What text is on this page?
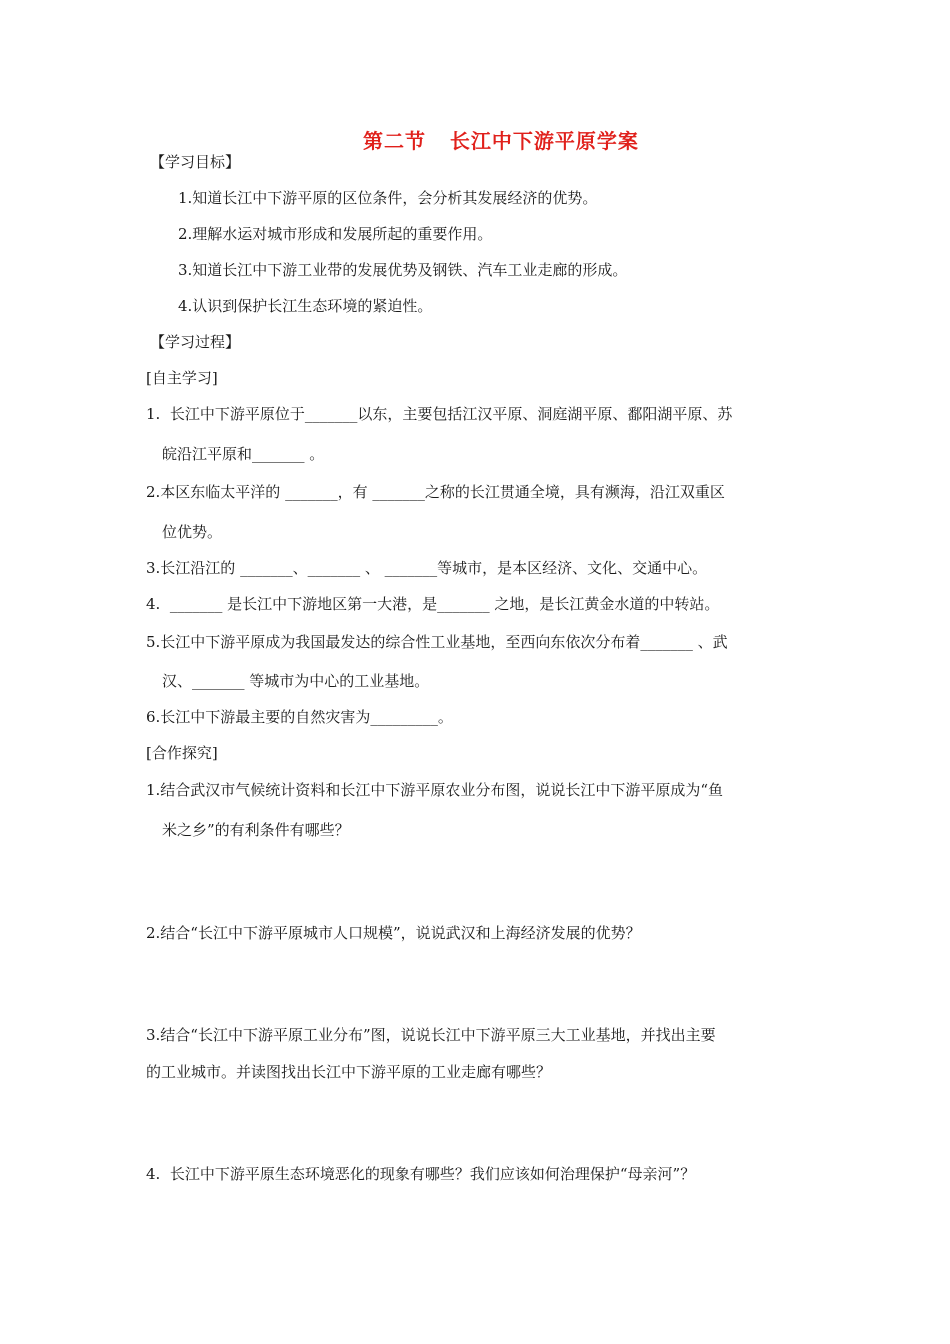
第二节   长江中下游平原学案
【学习目标】
1.知道长江中下游平原的区位条件，会分析其发展经济的优势。
2.理解水运对城市形成和发展所起的重要作用。
3.知道长江中下游工业带的发展优势及钢铁、汽车工业走廊的形成。
4.认识到保护长江生态环境的紧迫性。
【学习过程】
[自主学习]
1.  长江中下游平原位于_______以东，主要包括江汉平原、洞庭湖平原、鄱阳湖平原、苏
皖沿江平原和_______ 。
2.本区东临太平洋的 _______，有 _______之称的长江贯通全境，具有濒海，沿江双重区
位优势。
3.长江沿江的 _______、_______ 、 _______等城市，是本区经济、文化、交通中心。
4.  _______ 是长江中下游地区第一大港，是_______ 之地，是长江黄金水道的中转站。
5.长江中下游平原成为我国最发达的综合性工业基地，至西向东依次分布着_______ 、武
汉、_______ 等城市为中心的工业基地。
6.长江中下游最主要的自然灾害为_________。
[合作探究]
1.结合武汉市气候统计资料和长江中下游平原农业分布图，说说长江中下游平原成为“鱼
米之乡”的有利条件有哪些？
2.结合“长江中下游平原城市人口规模”，说说武汉和上海经济发展的优势？
3.结合“长江中下游平原工业分布”图，说说长江中下游平原三大工业基地，并找出主要
的工业城市。并读图找出长江中下游平原的工业走廊有哪些？
4.  长江中下游平原生态环境恶化的现象有哪些？我们应该如何治理保护“母亲河”？
